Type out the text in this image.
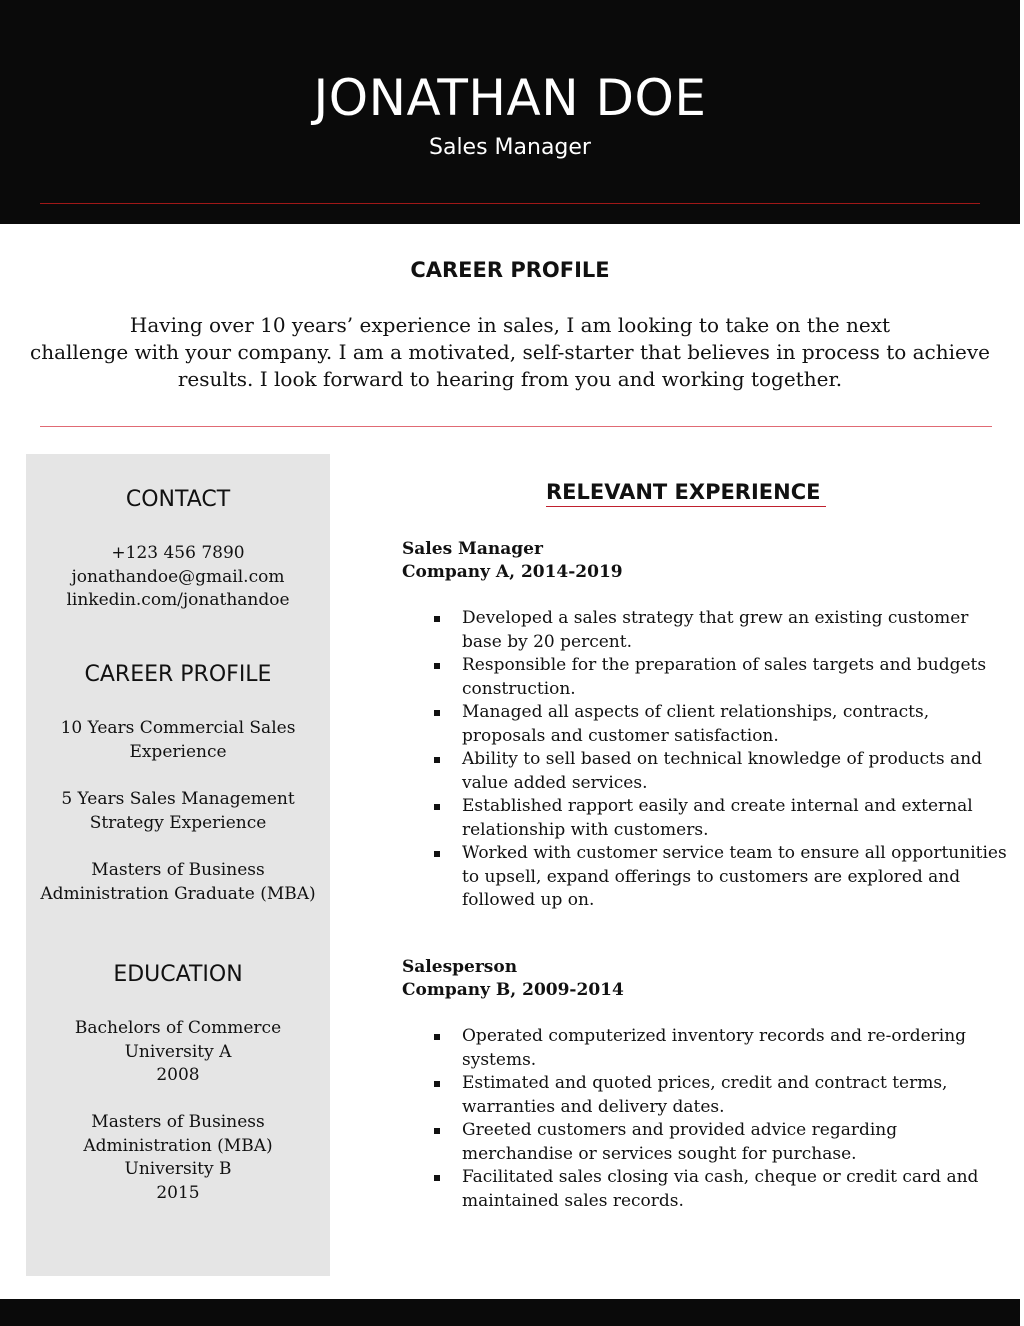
JONATHAN DOE
Sales Manager
CAREER PROFILE
Having over 10 years’ experience in sales, I am looking to take on the next
challenge with your company. I am a motivated, self-starter that believes in process to achieve
results. I look forward to hearing from you and working together.
CONTACT
+123 456 7890
jonathandoe@gmail.com
linkedin.com/jonathandoe
CAREER PROFILE
10 Years Commercial Sales
Experience
5 Years Sales Management
Strategy Experience
Masters of Business
Administration Graduate (MBA)
EDUCATION
Bachelors of Commerce
University A
2008
Masters of Business
Administration (MBA)
University B
2015
RELEVANT EXPERIENCE
Sales Manager
Company A, 2014-2019
Developed a sales strategy that grew an existing customer base by 20 percent.
Responsible for the preparation of sales targets and budgets construction.
Managed all aspects of client relationships, contracts, proposals and customer satisfaction.
Ability to sell based on technical knowledge of products and value added services.
Established rapport easily and create internal and external relationship with customers.
Worked with customer service team to ensure all opportunities to upsell, expand offerings to customers are explored and followed up on.
Salesperson
Company B, 2009-2014
Operated computerized inventory records and re-ordering systems.
Estimated and quoted prices, credit and contract terms, warranties and delivery dates.
Greeted customers and provided advice regarding merchandise or services sought for purchase.
Facilitated sales closing via cash, cheque or credit card and maintained sales records.
